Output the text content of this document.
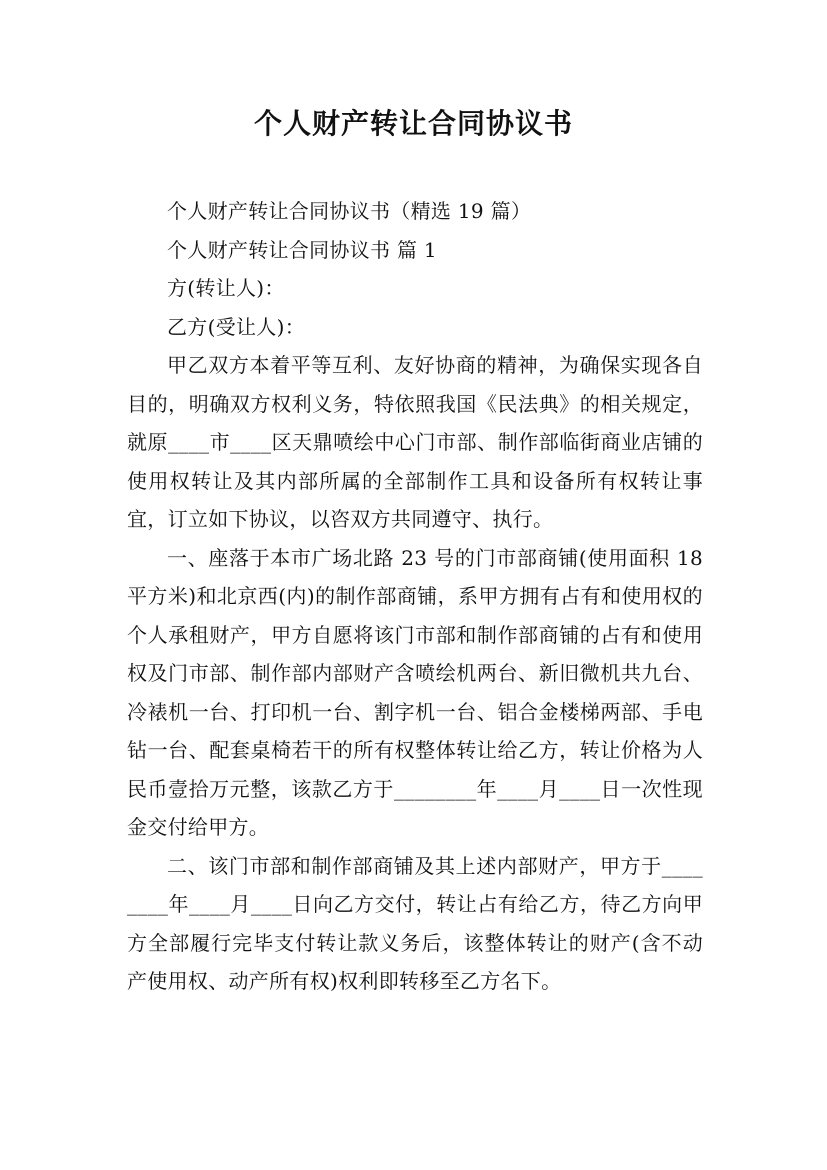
个人财产转让合同协议书

个人财产转让合同协议书（精选 19 篇）

个人财产转让合同协议书 篇 1

方(转让人)：

乙方(受让人)：

甲乙双方本着平等互利、友好协商的精神，为确保实现各自目的，明确双方权利义务，特依照我国《民法典》的相关规定，就原____市____区天鼎喷绘中心门市部、制作部临街商业店铺的使用权转让及其内部所属的全部制作工具和设备所有权转让事宜，订立如下协议，以咨双方共同遵守、执行。

一、座落于本市广场北路 23 号的门市部商铺(使用面积 18 平方米)和北京西(内)的制作部商铺，系甲方拥有占有和使用权的个人承租财产，甲方自愿将该门市部和制作部商铺的占有和使用权及门市部、制作部内部财产含喷绘机两台、新旧微机共九台、冷裱机一台、打印机一台、割字机一台、铝合金楼梯两部、手电钻一台、配套桌椅若干的所有权整体转让给乙方，转让价格为人民币壹拾万元整，该款乙方于________年____月____日一次性现金交付给甲方。

二、该门市部和制作部商铺及其上述内部财产，甲方于________年____月____日向乙方交付，转让占有给乙方，待乙方向甲方全部履行完毕支付转让款义务后，该整体转让的财产(含不动产使用权、动产所有权)权利即转移至乙方名下。
